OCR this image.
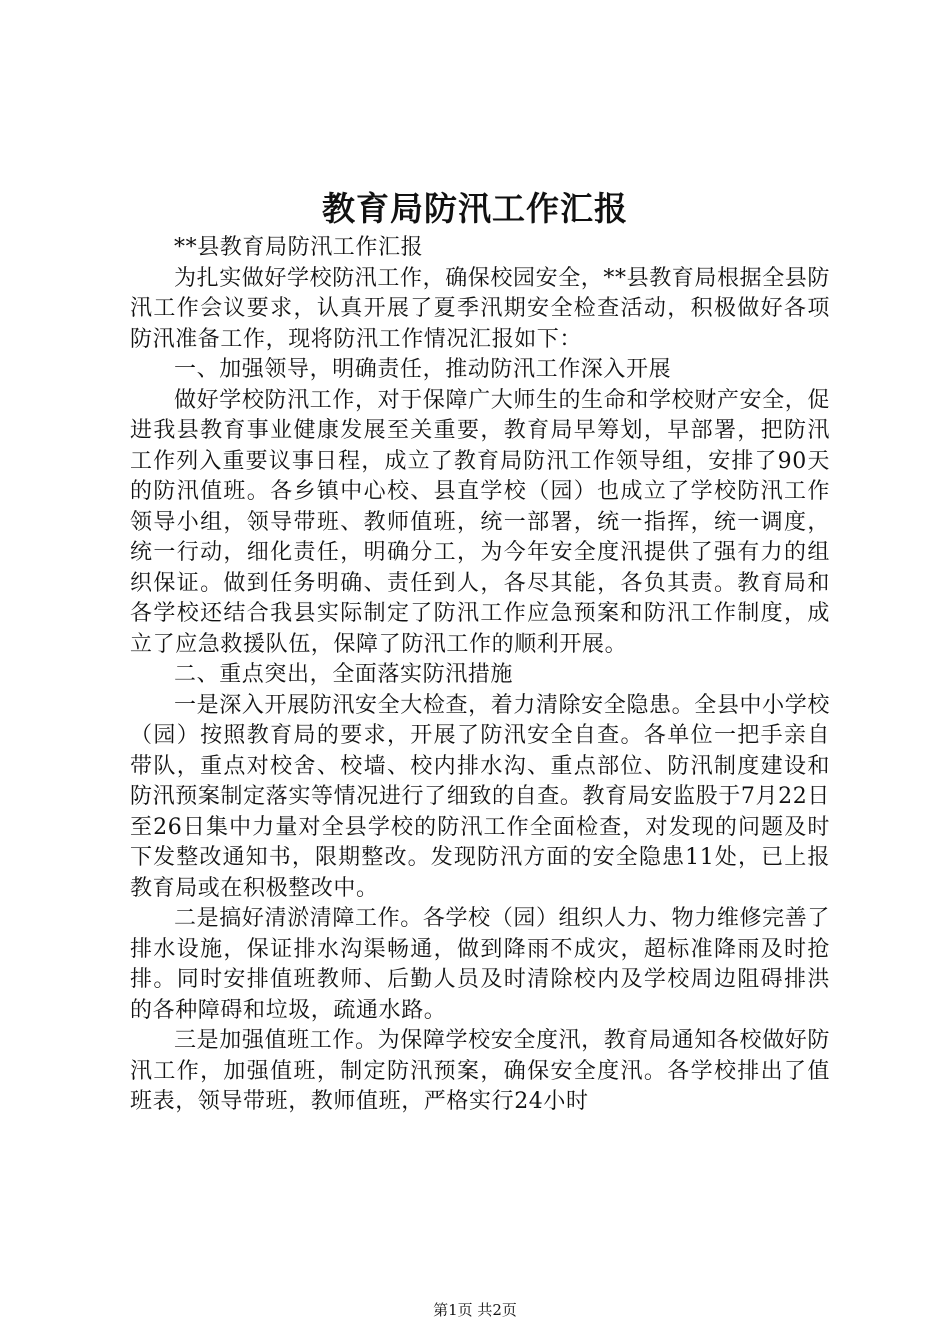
教育局防汛工作汇报

**县教育局防汛工作汇报

为扎实做好学校防汛工作，确保校园安全，**县教育局根据全县防汛工作会议要求，认真开展了夏季汛期安全检查活动，积极做好各项防汛准备工作，现将防汛工作情况汇报如下：

一、加强领导，明确责任，推动防汛工作深入开展

做好学校防汛工作，对于保障广大师生的生命和学校财产安全，促进我县教育事业健康发展至关重要，教育局早筹划，早部署，把防汛工作列入重要议事日程，成立了教育局防汛工作领导组，安排了90天的防汛值班。各乡镇中心校、县直学校（园）也成立了学校防汛工作领导小组，领导带班、教师值班，统一部署，统一指挥，统一调度，统一行动，细化责任，明确分工，为今年安全度汛提供了强有力的组织保证。做到任务明确、责任到人，各尽其能，各负其责。教育局和各学校还结合我县实际制定了防汛工作应急预案和防汛工作制度，成立了应急救援队伍，保障了防汛工作的顺利开展。

二、重点突出，全面落实防汛措施

一是深入开展防汛安全大检查，着力清除安全隐患。全县中小学校（园）按照教育局的要求，开展了防汛安全自查。各单位一把手亲自带队，重点对校舍、校墙、校内排水沟、重点部位、防汛制度建设和防汛预案制定落实等情况进行了细致的自查。教育局安监股于7月22日至26日集中力量对全县学校的防汛工作全面检查，对发现的问题及时下发整改通知书，限期整改。发现防汛方面的安全隐患11处，已上报教育局或在积极整改中。

二是搞好清淤清障工作。各学校（园）组织人力、物力维修完善了排水设施，保证排水沟渠畅通，做到降雨不成灾，超标准降雨及时抢排。同时安排值班教师、后勤人员及时清除校内及学校周边阻碍排洪的各种障碍和垃圾，疏通水路。

三是加强值班工作。为保障学校安全度汛，教育局通知各校做好防汛工作，加强值班，制定防汛预案，确保安全度汛。各学校排出了值班表，领导带班，教师值班，严格实行24小时

第1页 共2页
